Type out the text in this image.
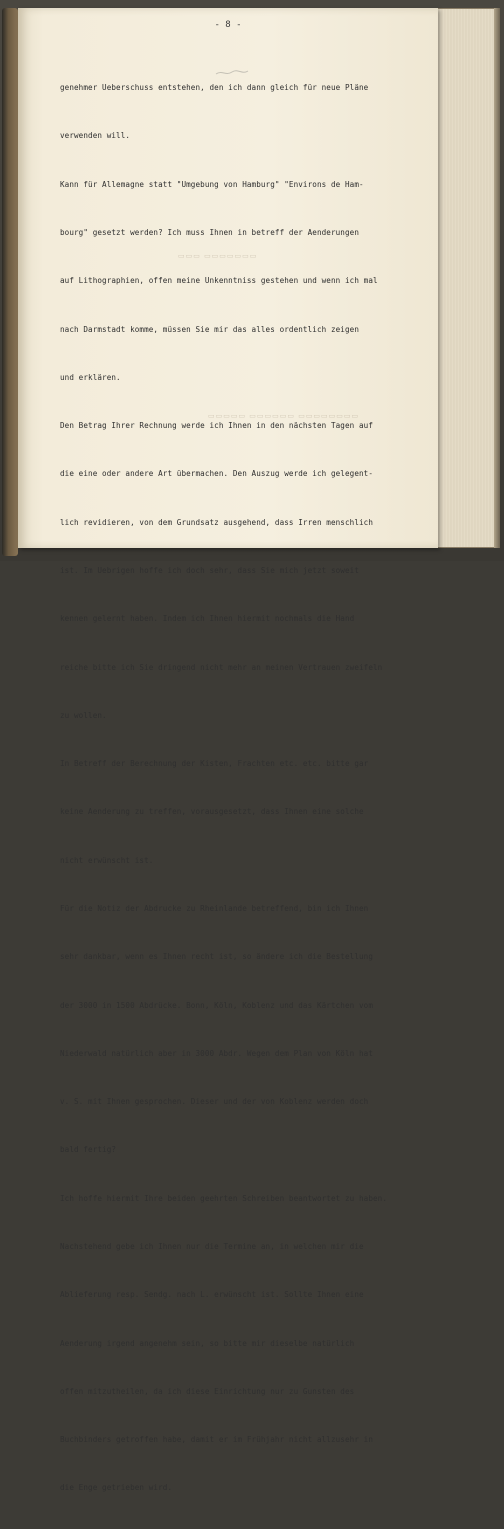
- 8 -
▭▭▭ ▭▭▭▭▭▭▭
▭▭▭▭▭ ▭▭▭▭▭▭ ▭▭▭▭▭▭▭▭

genehmer Ueberschuss entstehen, den ich dann gleich für neue Pläne

verwenden will.

Kann für Allemagne statt "Umgebung von Hamburg" "Environs de Ham-

bourg" gesetzt werden? Ich muss Ihnen in betreff der Aenderungen

auf Lithographien, offen meine Unkenntniss gestehen und wenn ich mal

nach Darmstadt komme, müssen Sie mir das alles ordentlich zeigen

und erklären.

Den Betrag Ihrer Rechnung werde ich Ihnen in den nächsten Tagen auf

die eine oder andere Art übermachen. Den Auszug werde ich gelegent-

lich revidieren, von dem Grundsatz ausgehend, dass Irren menschlich

ist. Im Uebrigen hoffe ich doch sehr, dass Sie mich jetzt soweit

kennen gelernt haben. Indem ich Ihnen hiermit nochmals die Hand

reiche bitte ich Sie dringend nicht mehr an meinen Vertrauen zweifeln

zu wollen.

In Betreff der Berechnung der Kisten, Frachten etc. etc. bitte gar

keine Aenderung zu treffen, vorausgesetzt, dass Ihnen eine solche

nicht erwünscht ist.

Für die Notiz der Abdrucke zu Rheinlande betreffend, bin ich Ihnen

sehr dankbar, wenn es Ihnen recht ist, so ändere ich die Bestellung

der 3000 in 1500 Abdrücke. Bonn, Köln, Koblenz und das Kärtchen vom

Niederwald natürlich aber in 3000 Abdr. Wegen dem Plan von Köln hat

v. S. mit Ihnen gesprochen. Dieser und der von Koblenz werden doch

bald fertig?

Ich hoffe hiermit Ihre beiden geehrten Schreiben beantwortet zu haben.

Nachstehend gebe ich Ihnen nur die Termine an, in welchen mir die

Ablieferung resp. Sendg. nach L. erwünscht ist. Sollte Ihnen eine

Aenderung irgend angenehm sein, so bitte mir dieselbe natürlich

offen mitzutheilen, da ich diese Einrichtung nur zu Gunsten des

Buchbinders getroffen habe, damit er im Frühjahr nicht allzusehr in

die Enge getrieben wird.
